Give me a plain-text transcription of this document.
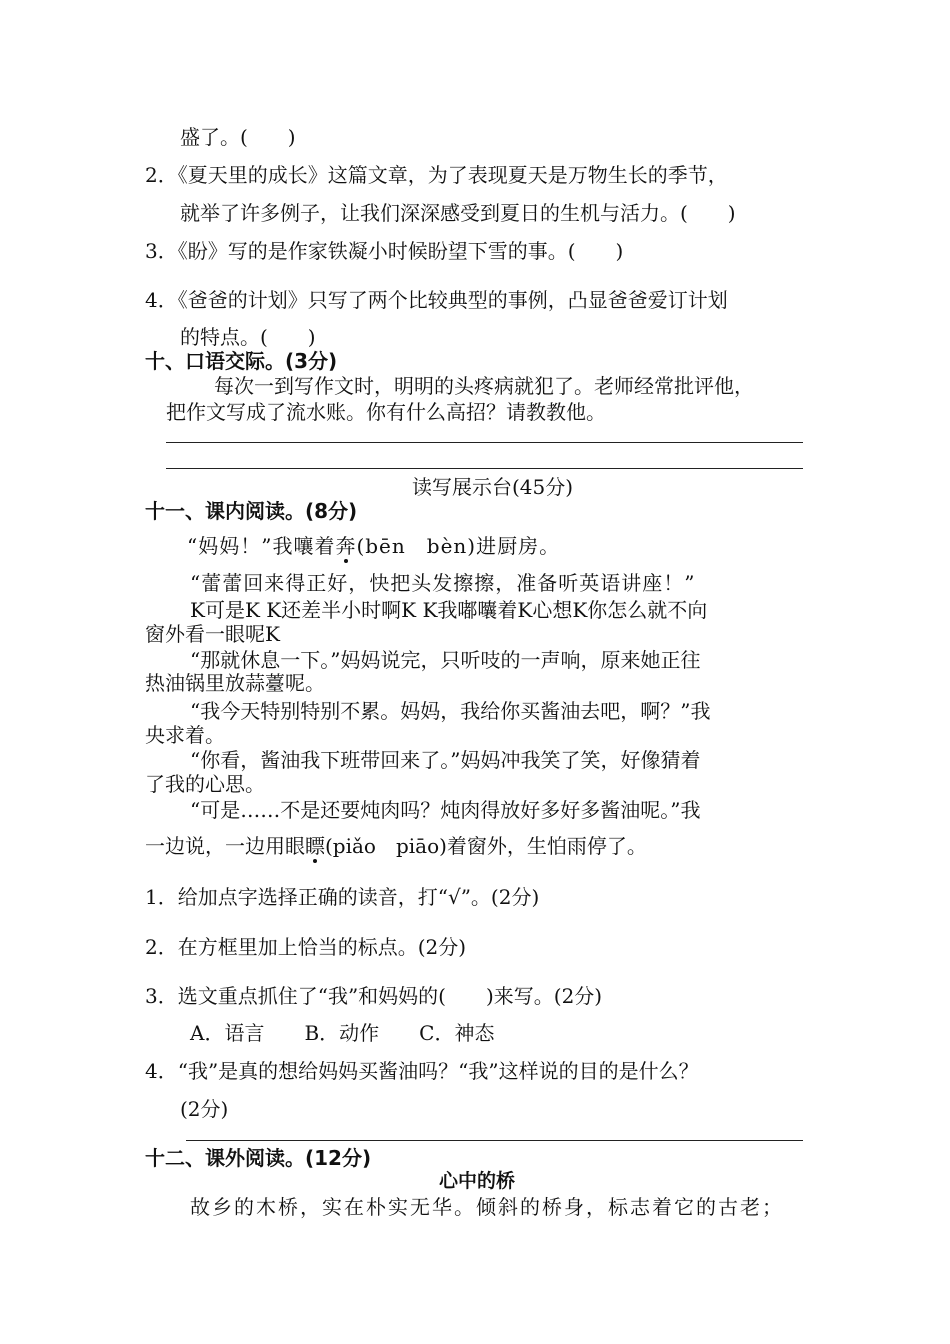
盛了。(　　)
2．《夏天里的成长》这篇文章，为了表现夏天是万物生长的季节，
就举了许多例子，让我们深深感受到夏日的生机与活力。(　　)
3．《盼》写的是作家铁凝小时候盼望下雪的事。(　　)
4．《爸爸的计划》只写了两个比较典型的事例，凸显爸爸爱订计划
的特点。(　　)
十、口语交际。(3分)
每次一到写作文时，明明的头疼病就犯了。老师经常批评他，
把作文写成了流水账。你有什么高招？请教教他。
读写展示台(45分)
十一、课内阅读。(8分)
“妈妈！”我嚷着奔(bēn　bèn)进厨房。
“蕾蕾回来得正好，快把头发擦擦，准备听英语讲座！”
K可是K K还差半小时啊K K我嘟囔着K心想K你怎么就不向
窗外看一眼呢K
“那就休息一下。”妈妈说完，只听吱的一声响，原来她正往
热油锅里放蒜薹呢。
“我今天特别特别不累。妈妈，我给你买酱油去吧，啊？”我
央求着。
“你看，酱油我下班带回来了。”妈妈冲我笑了笑，好像猜着
了我的心思。
“可是……不是还要炖肉吗？炖肉得放好多好多酱油呢。”我
一边说，一边用眼瞟(piǎo　piāo)着窗外，生怕雨停了。
1．给加点字选择正确的读音，打“√”。(2分)
2．在方框里加上恰当的标点。(2分)
3．选文重点抓住了“我”和妈妈的(　　)来写。(2分)
A．语言　　B．动作　　C．神态
4．“我”是真的想给妈妈买酱油吗？“我”这样说的目的是什么？
(2分)
十二、课外阅读。(12分)
心中的桥
故乡的木桥，实在朴实无华。倾斜的桥身，标志着它的古老；
